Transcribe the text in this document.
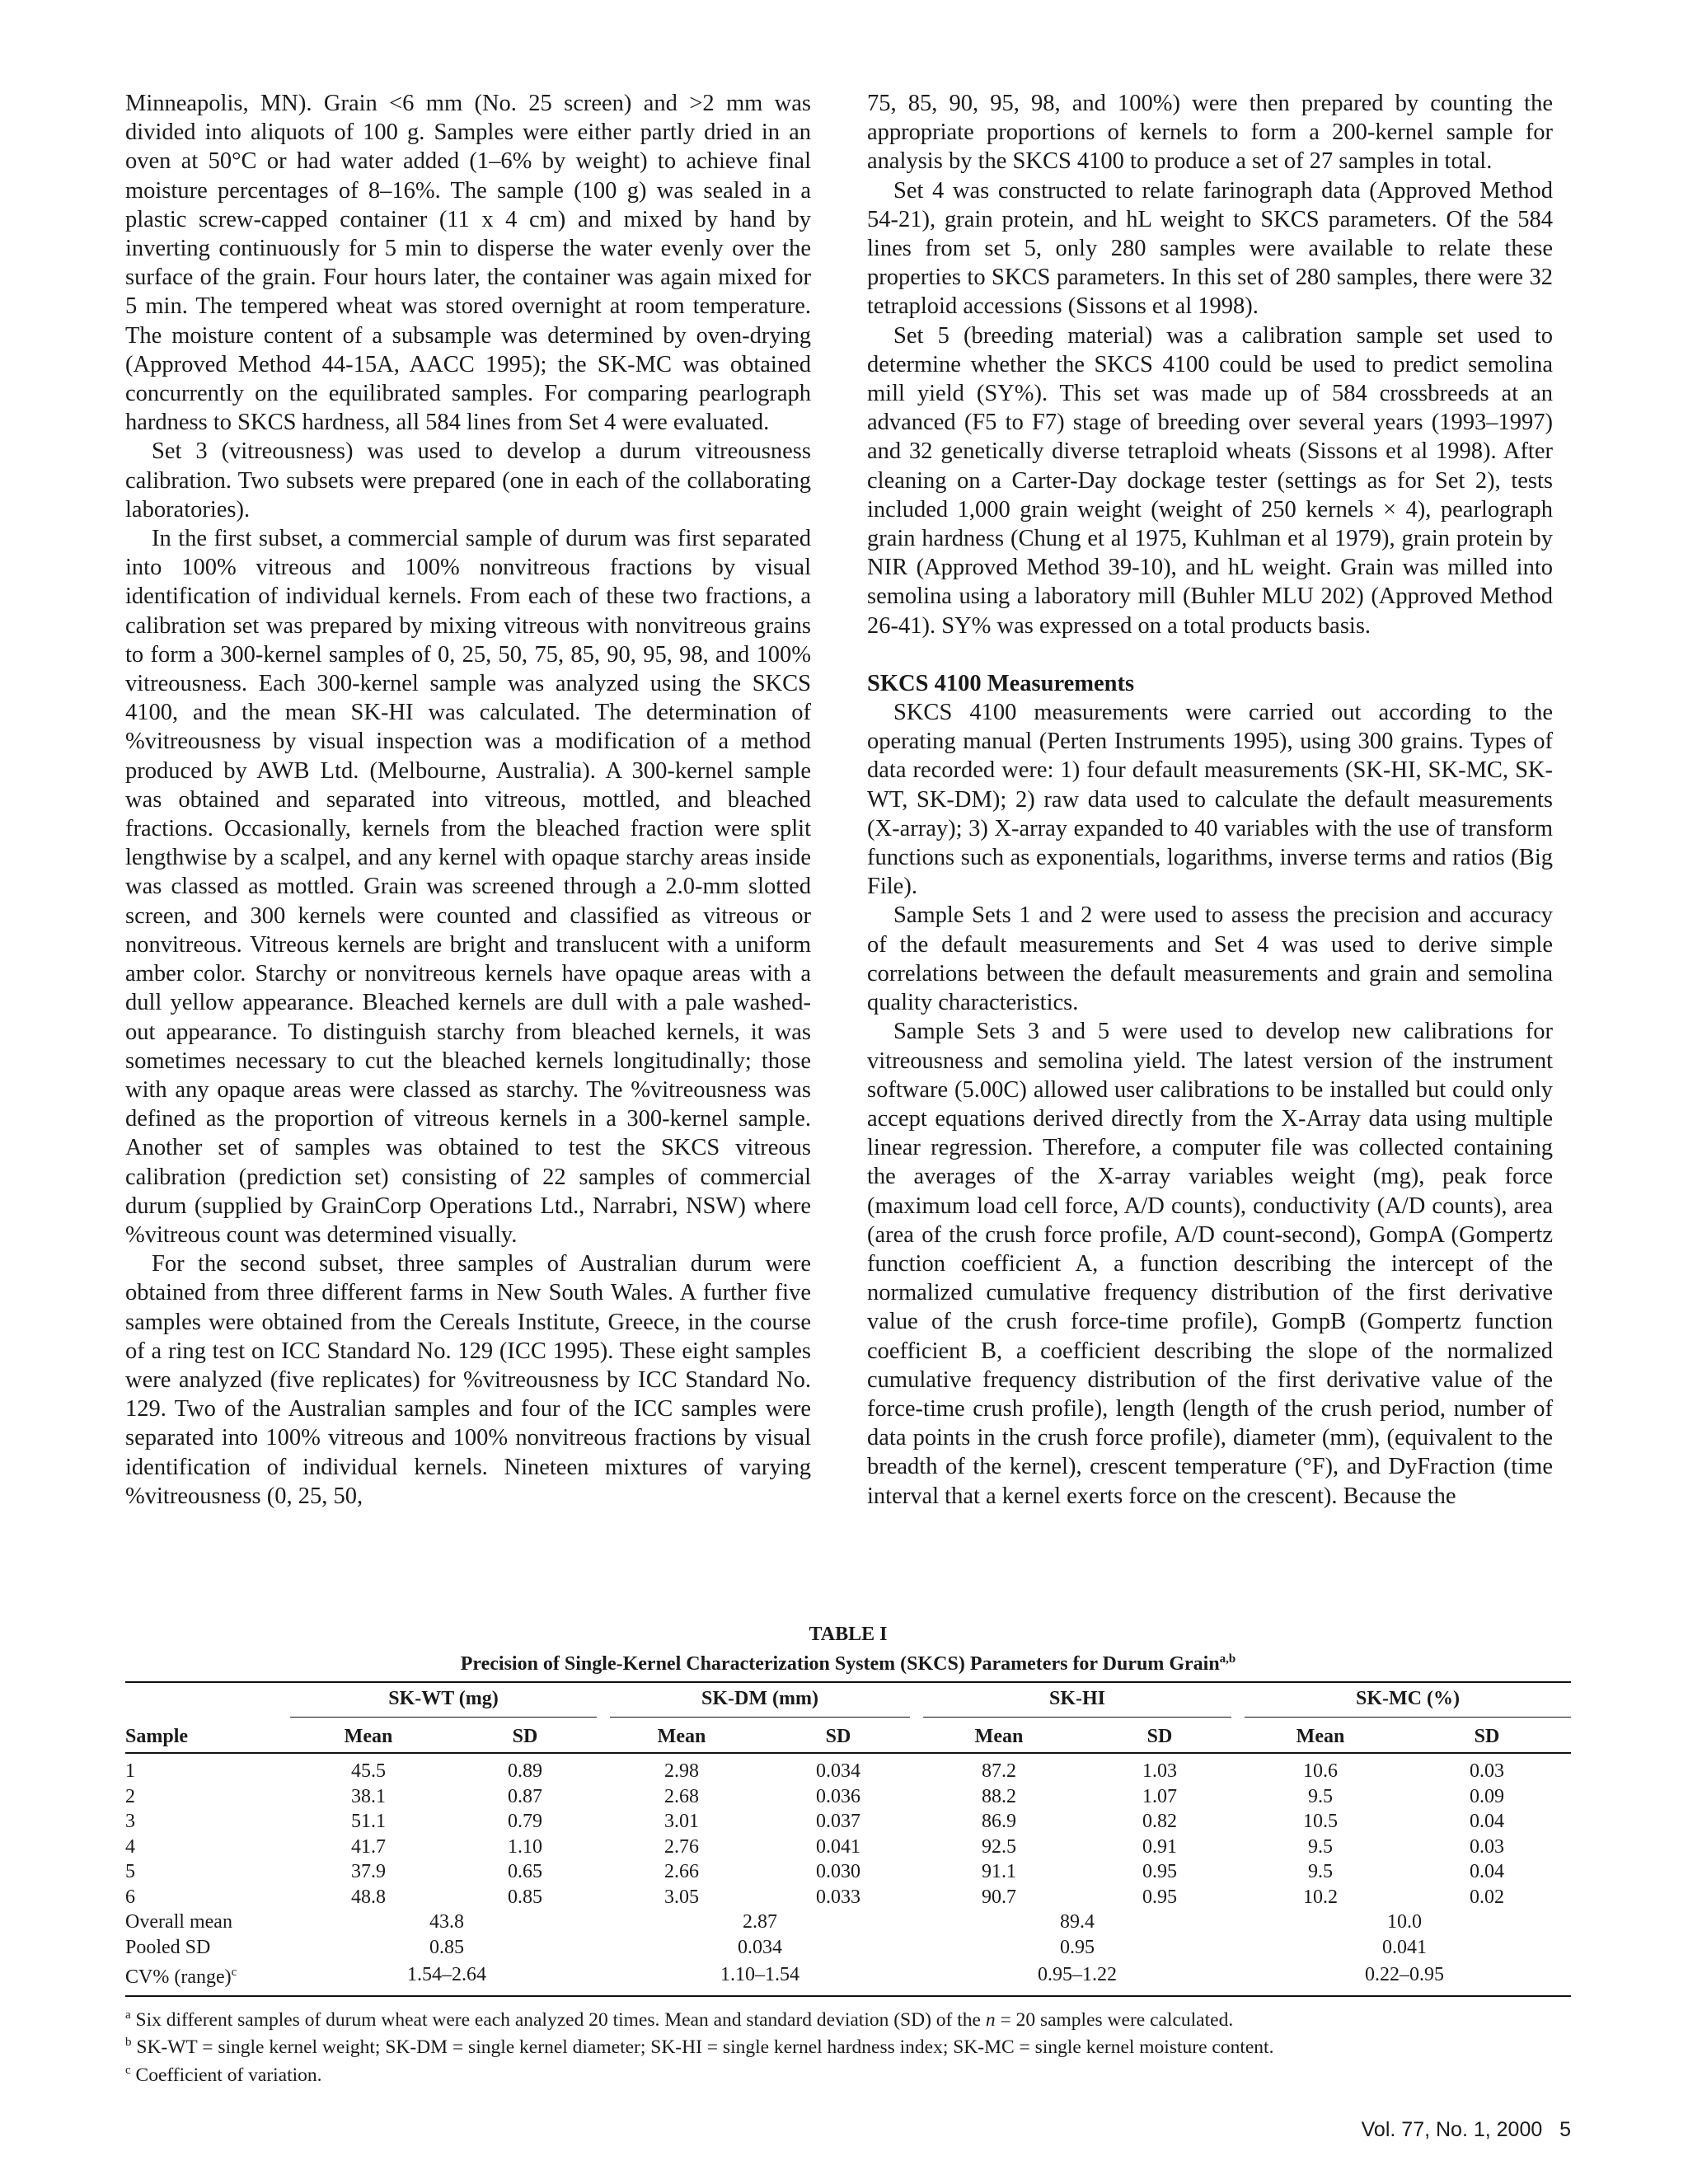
Minneapolis, MN). Grain <6 mm (No. 25 screen) and >2 mm was divided into aliquots of 100 g. Samples were either partly dried in an oven at 50°C or had water added (1–6% by weight) to achieve final moisture percentages of 8–16%. The sample (100 g) was sealed in a plastic screw-capped container (11 x 4 cm) and mixed by hand by inverting continuously for 5 min to disperse the water evenly over the surface of the grain. Four hours later, the container was again mixed for 5 min. The tempered wheat was stored overnight at room temperature. The moisture content of a subsample was determined by oven-drying (Approved Method 44-15A, AACC 1995); the SK-MC was obtained concurrently on the equilibrated samples. For comparing pearlograph hardness to SKCS hardness, all 584 lines from Set 4 were evaluated.

Set 3 (vitreousness) was used to develop a durum vitreousness calibration. Two subsets were prepared (one in each of the collaborating laboratories).

In the first subset, a commercial sample of durum was first separated into 100% vitreous and 100% nonvitreous fractions by visual identification of individual kernels. From each of these two fractions, a calibration set was prepared by mixing vitreous with nonvitreous grains to form a 300-kernel samples of 0, 25, 50, 75, 85, 90, 95, 98, and 100% vitreousness. Each 300-kernel sample was analyzed using the SKCS 4100, and the mean SK-HI was calculated. The determination of %vitreousness by visual inspection was a modification of a method produced by AWB Ltd. (Melbourne, Australia). A 300-kernel sample was obtained and separated into vitreous, mottled, and bleached fractions. Occasionally, kernels from the bleached fraction were split lengthwise by a scalpel, and any kernel with opaque starchy areas inside was classed as mottled. Grain was screened through a 2.0-mm slotted screen, and 300 kernels were counted and classified as vitreous or nonvitreous. Vitreous kernels are bright and translucent with a uniform amber color. Starchy or nonvitreous kernels have opaque areas with a dull yellow appearance. Bleached kernels are dull with a pale washed-out appearance. To distinguish starchy from bleached kernels, it was sometimes necessary to cut the bleached kernels longitudinally; those with any opaque areas were classed as starchy. The %vitreousness was defined as the proportion of vitreous kernels in a 300-kernel sample. Another set of samples was obtained to test the SKCS vitreous calibration (prediction set) consisting of 22 samples of commercial durum (supplied by GrainCorp Operations Ltd., Narrabri, NSW) where %vitreous count was determined visually.

For the second subset, three samples of Australian durum were obtained from three different farms in New South Wales. A further five samples were obtained from the Cereals Institute, Greece, in the course of a ring test on ICC Standard No. 129 (ICC 1995). These eight samples were analyzed (five replicates) for %vitreousness by ICC Standard No. 129. Two of the Australian samples and four of the ICC samples were separated into 100% vitreous and 100% nonvitreous fractions by visual identification of individual kernels. Nineteen mixtures of varying %vitreousness (0, 25, 50,

75, 85, 90, 95, 98, and 100%) were then prepared by counting the appropriate proportions of kernels to form a 200-kernel sample for analysis by the SKCS 4100 to produce a set of 27 samples in total.

Set 4 was constructed to relate farinograph data (Approved Method 54-21), grain protein, and hL weight to SKCS parameters. Of the 584 lines from set 5, only 280 samples were available to relate these properties to SKCS parameters. In this set of 280 samples, there were 32 tetraploid accessions (Sissons et al 1998).

Set 5 (breeding material) was a calibration sample set used to determine whether the SKCS 4100 could be used to predict semolina mill yield (SY%). This set was made up of 584 crossbreeds at an advanced (F5 to F7) stage of breeding over several years (1993–1997) and 32 genetically diverse tetraploid wheats (Sissons et al 1998). After cleaning on a Carter-Day dockage tester (settings as for Set 2), tests included 1,000 grain weight (weight of 250 kernels × 4), pearlograph grain hardness (Chung et al 1975, Kuhlman et al 1979), grain protein by NIR (Approved Method 39-10), and hL weight. Grain was milled into semolina using a laboratory mill (Buhler MLU 202) (Approved Method 26-41). SY% was expressed on a total products basis.

SKCS 4100 Measurements

SKCS 4100 measurements were carried out according to the operating manual (Perten Instruments 1995), using 300 grains. Types of data recorded were: 1) four default measurements (SK-HI, SK-MC, SK-WT, SK-DM); 2) raw data used to calculate the default measurements (X-array); 3) X-array expanded to 40 variables with the use of transform functions such as exponentials, logarithms, inverse terms and ratios (Big File).

Sample Sets 1 and 2 were used to assess the precision and accuracy of the default measurements and Set 4 was used to derive simple correlations between the default measurements and grain and semolina quality characteristics.

Sample Sets 3 and 5 were used to develop new calibrations for vitreousness and semolina yield. The latest version of the instrument software (5.00C) allowed user calibrations to be installed but could only accept equations derived directly from the X-Array data using multiple linear regression. Therefore, a computer file was collected containing the averages of the X-array variables weight (mg), peak force (maximum load cell force, A/D counts), conductivity (A/D counts), area (area of the crush force profile, A/D count-second), GompA (Gompertz function coefficient A, a function describing the intercept of the normalized cumulative frequency distribution of the first derivative value of the crush force-time profile), GompB (Gompertz function coefficient B, a coefficient describing the slope of the normalized cumulative frequency distribution of the first derivative value of the force-time crush profile), length (length of the crush period, number of data points in the crush force profile), diameter (mm), (equivalent to the breadth of the kernel), crescent temperature (°F), and DyFraction (time interval that a kernel exerts force on the crescent). Because the

TABLE I
Precision of Single-Kernel Characterization System (SKCS) Parameters for Durum Grain$^{a,b}$
Sample	SK-WT (mg)		SK-DM (mm)		SK-HI		SK-MC (%)	

	Mean	SD	Mean	SD	Mean	SD	Mean	SD
1	45.5	0.89	2.98	0.034	87.2	1.03	10.6	0.03
2	38.1	0.87	2.68	0.036	88.2	1.07	9.5	0.09
3	51.1	0.79	3.01	0.037	86.9	0.82	10.5	0.04
4	41.7	1.10	2.76	0.041	92.5	0.91	9.5	0.03
5	37.9	0.65	2.66	0.030	91.1	0.95	9.5	0.04
6	48.8	0.85	3.05	0.033	90.7	0.95	10.2	0.02
Overall mean	43.8		2.87		89.4		10.0	
Pooled SD	0.85		0.034		0.95		0.041	
CV% (range)$^c$	1.54–2.64		1.10–1.54		0.95–1.22		0.22–0.95	

$^a$ Six different samples of durum wheat were each analyzed 20 times. Mean and standard deviation (SD) of the n = 20 samples were calculated.

$^b$ SK-WT = single kernel weight; SK-DM = single kernel diameter; SK-HI = single kernel hardness index; SK-MC = single kernel moisture content.

$^c$ Coefficient of variation.

Vol. 77, No. 1, 2000   5
